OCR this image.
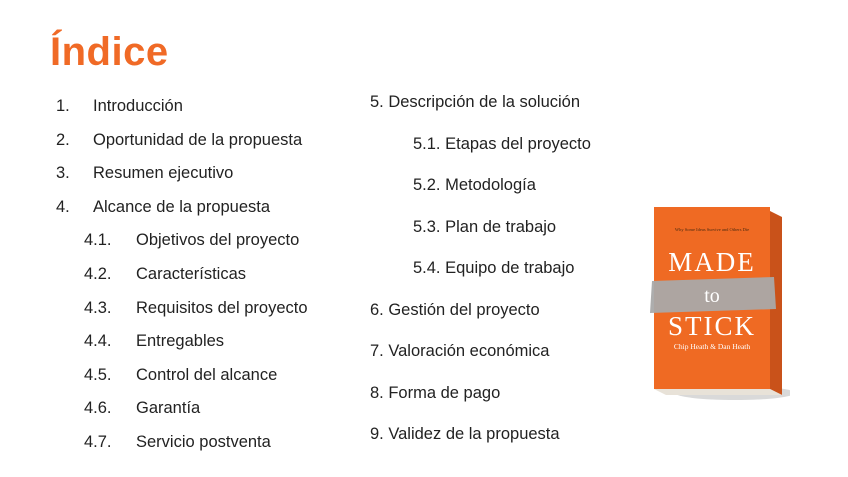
Índice
1. Introducción
2. Oportunidad de la propuesta
3. Resumen ejecutivo
4. Alcance de la propuesta
4.1. Objetivos del proyecto
4.2. Características
4.3. Requisitos del proyecto
4.4. Entregables
4.5. Control del alcance
4.6. Garantía
4.7. Servicio postventa
5. Descripción de la solución
5.1. Etapas del proyecto
5.2. Metodología
5.3. Plan de trabajo
5.4. Equipo de trabajo
6. Gestión del proyecto
7. Valoración económica
8. Forma de pago
9. Validez de la propuesta
Why Some Ideas Survive and Others Die
MADE
to
STICK
Chip Heath & Dan Heath
